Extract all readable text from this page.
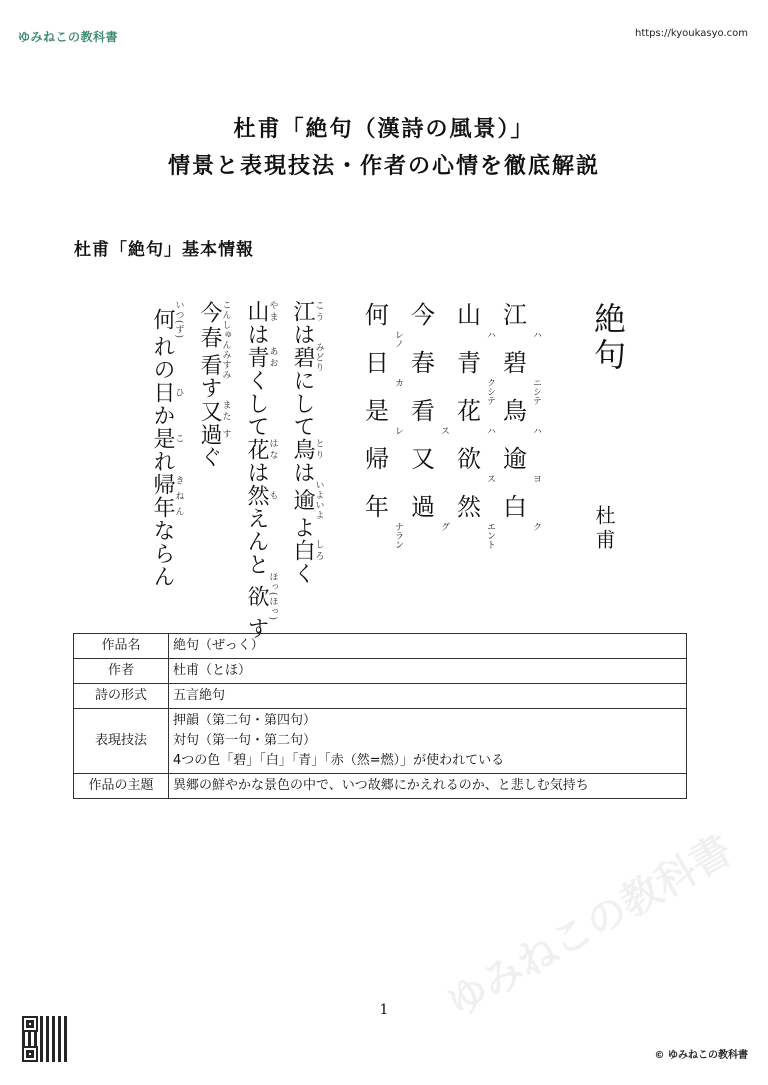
ゆみねこの教科書
ゆみねこの教科書	https://kyoukasyo.com
杜甫「絶句（漢詩の風景）」
情景と表現技法・作者の心情を徹底解説
杜甫「絶句」基本情報
絶句
杜甫
江
ハ
碧
ニシテ
鳥
ハ
逾
ヨ
白
ク
山
ハ
青
クシテ
花
ハ
欲
ス
然
エント
今
春
看
ス
又
過
グ
何
レノ
日
カ
是
レ
帰
年
ナラン
江こうは碧みどりにして鳥とりは逾いよいよよ白しろく
山やまは青あおくして花はなは然もえんと欲ほっ(ほっ)す
今春こんしゅん看みすみす又また過すぐ
何いつ(ず)れの日ひか是これ帰年きねんならん
作品名	絶句（ぜっく）

作者	杜甫（とほ）

詩の形式	五言絶句

表現技法	押韻（第二句・第四句）
対句（第一句・第二句）
4つの色「碧」「白」「青」「赤（然=燃）」が使われている

作品の主題	異郷の鮮やかな景色の中で、いつ故郷にかえれるのか、と悲しむ気持ち
1
© ゆみねこの教科書
